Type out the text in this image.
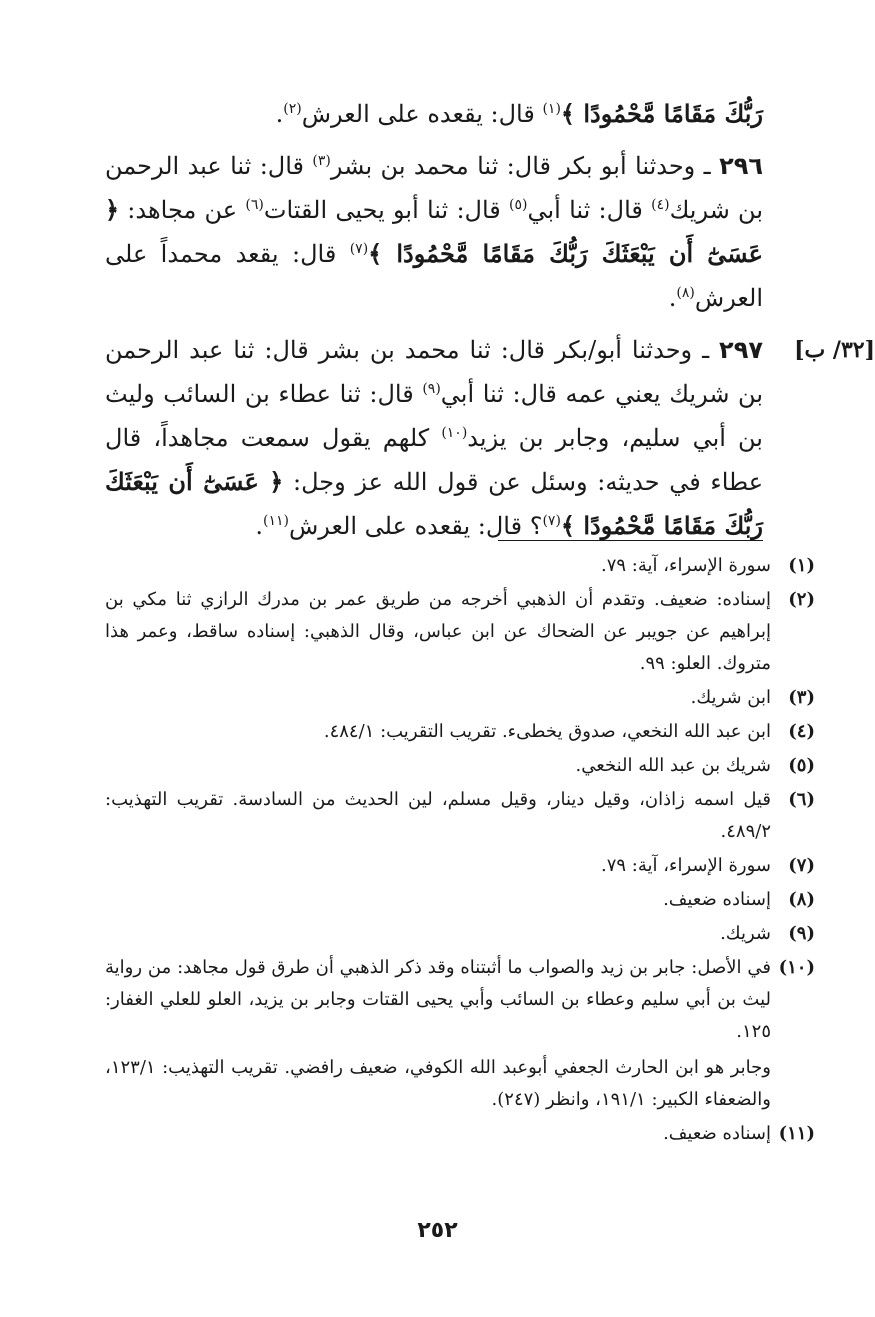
رَبُّكَ مَقَامًا مَّحْمُودًا ﴾$^{(١)}$ قال: يقعده على العرش$^{(٢)}$.

٢٩٦ ـ وحدثنا أبو بكر قال: ثنا محمد بن بشر$^{(٣)}$ قال: ثنا عبد الرحمن بن شريك$^{(٤)}$ قال: ثنا أبي$^{(٥)}$ قال: ثنا أبو يحيى القتات$^{(٦)}$ عن مجاهد: ﴿ عَسَىٰٓ أَن يَبْعَثَكَ رَبُّكَ مَقَامًا مَّحْمُودًا ﴾$^{(٧)}$ قال: يقعد محمداً على العرش$^{(٨)}$.

[٣٢/ ب]
٢٩٧ ـ وحدثنا أبو/بكر قال: ثنا محمد بن بشر قال: ثنا عبد الرحمن بن شريك يعني عمه قال: ثنا أبي$^{(٩)}$ قال: ثنا عطاء بن السائب وليث بن أبي سليم، وجابر بن يزيد$^{(١٠)}$ كلهم يقول سمعت مجاهداً، قال عطاء في حديثه: وسئل عن قول الله عز وجل: ﴿ عَسَىٰٓ أَن يَبْعَثَكَ رَبُّكَ مَقَامًا مَّحْمُودًا ﴾$^{(٧)}$؟ قال: يقعده على العرش$^{(١١)}$.

(١)سورة الإسراء، آية: ٧٩.
(٢)إسناده: ضعيف. وتقدم أن الذهبي أخرجه من طريق عمر بن مدرك الرازي ثنا مكي بن إبراهيم عن جويبر عن الضحاك عن ابن عباس، وقال الذهبي: إسناده ساقط، وعمر هذا متروك. العلو: ٩٩.
(٣)ابن شريك.
(٤)ابن عبد الله النخعي، صدوق يخطىء. تقريب التقريب: ٤٨٤/١.
(٥)شريك بن عبد الله النخعي.
(٦)قيل اسمه زاذان، وقيل دينار، وقيل مسلم، لين الحديث من السادسة. تقريب التهذيب: ٤٨٩/٢.
(٧)سورة الإسراء، آية: ٧٩.
(٨)إسناده ضعيف.
(٩)شريك.
(١٠)في الأصل: جابر بن زيد والصواب ما أثبتناه وقد ذكر الذهبي أن طرق قول مجاهد: من رواية ليث بن أبي سليم وعطاء بن السائب وأبي يحيى القتات وجابر بن يزيد، العلو للعلي الغفار: ١٢٥.
وجابر هو ابن الحارث الجعفي أبوعبد الله الكوفي، ضعيف رافضي. تقريب التهذيب: ١٢٣/١، والضعفاء الكبير: ١٩١/١، وانظر (٢٤٧).
(١١)إسناده ضعيف.
٢٥٢
